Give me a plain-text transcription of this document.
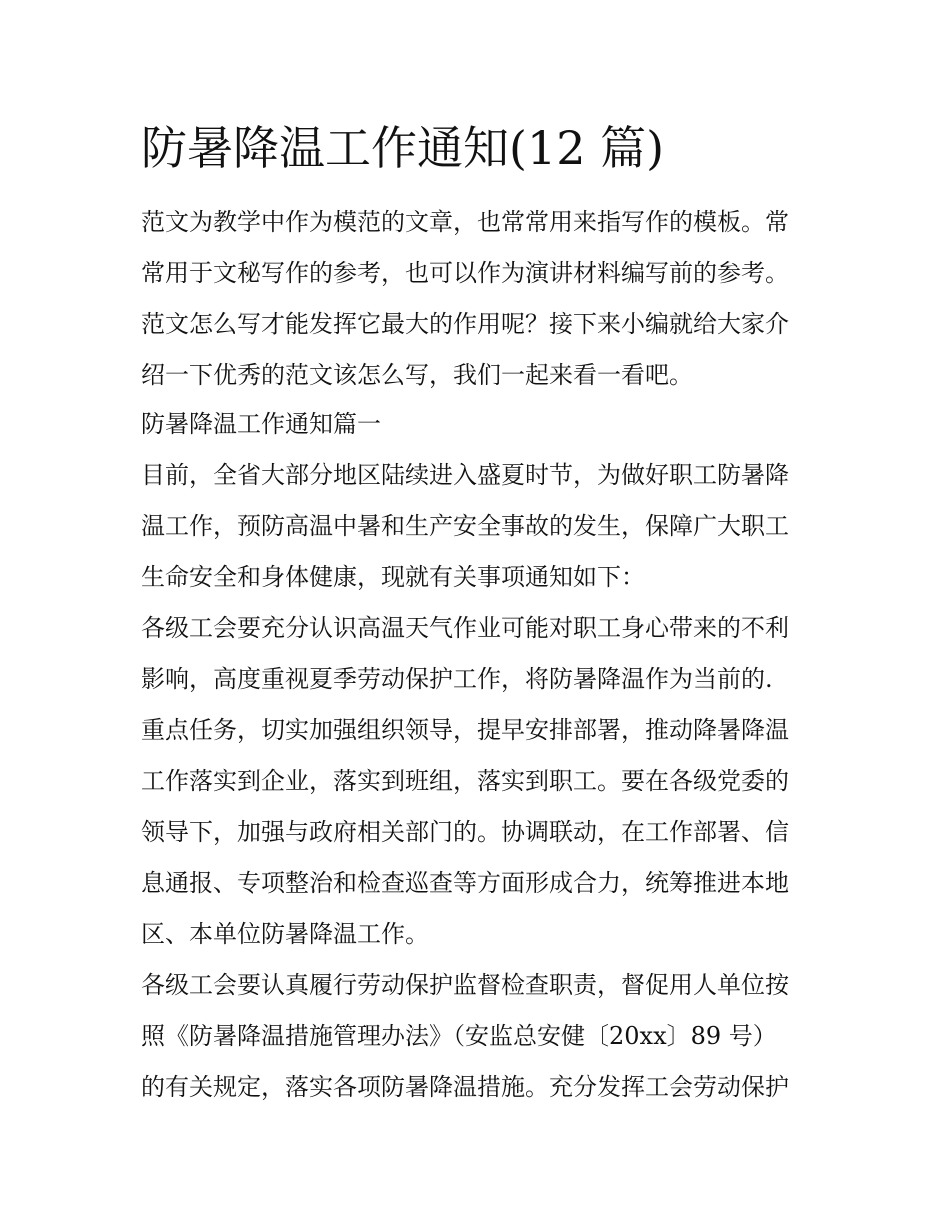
防暑降温工作通知(12 篇)

范文为教学中作为模范的文章，也常常用来指写作的模板。常

常用于文秘写作的参考，也可以作为演讲材料编写前的参考。

范文怎么写才能发挥它最大的作用呢？接下来小编就给大家介

绍一下优秀的范文该怎么写，我们一起来看一看吧。

防暑降温工作通知篇一

目前，全省大部分地区陆续进入盛夏时节，为做好职工防暑降

温工作，预防高温中暑和生产安全事故的发生，保障广大职工

生命安全和身体健康，现就有关事项通知如下：

各级工会要充分认识高温天气作业可能对职工身心带来的不利

影响，高度重视夏季劳动保护工作，将防暑降温作为当前的.

重点任务，切实加强组织领导，提早安排部署，推动降暑降温

工作落实到企业，落实到班组，落实到职工。要在各级党委的

领导下，加强与政府相关部门的。协调联动，在工作部署、信

息通报、专项整治和检查巡查等方面形成合力，统筹推进本地

区、本单位防暑降温工作。

各级工会要认真履行劳动保护监督检查职责，督促用人单位按

照《防暑降温措施管理办法》（安监总安健〔20xx〕89 号）

的有关规定，落实各项防暑降温措施。充分发挥工会劳动保护
